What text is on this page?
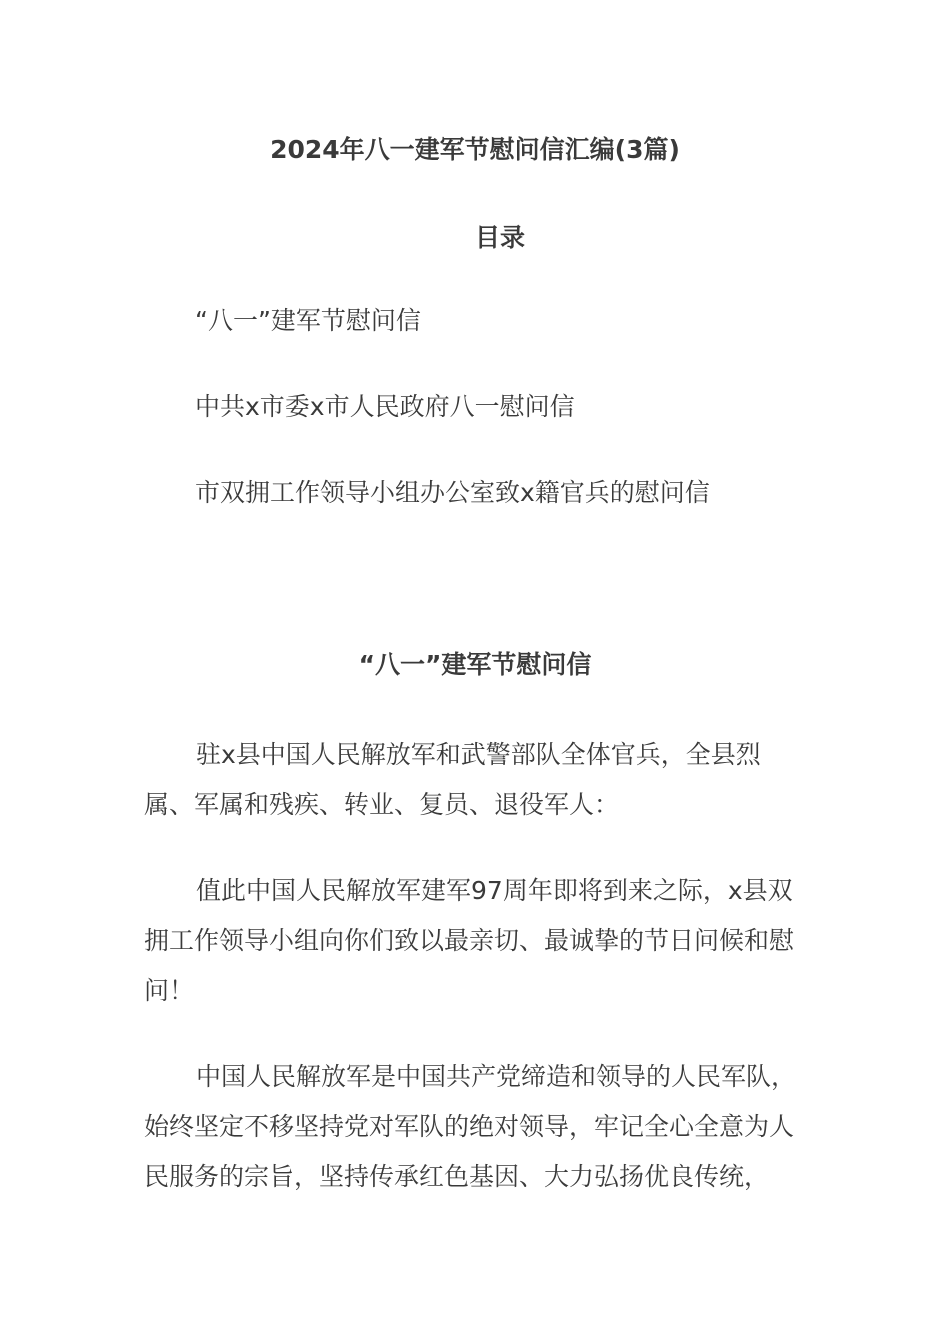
2024年八一建军节慰问信汇编(3篇)
目录
“八一”建军节慰问信
中共x市委x市人民政府八一慰问信
市双拥工作领导小组办公室致x籍官兵的慰问信
“八一”建军节慰问信

驻x县中国人民解放军和武警部队全体官兵，全县烈属、军属和残疾、转业、复员、退役军人：

值此中国人民解放军建军97周年即将到来之际，x县双拥工作领导小组向你们致以最亲切、最诚挚的节日问候和慰问！

中国人民解放军是中国共产党缔造和领导的人民军队，始终坚定不移坚持党对军队的绝对领导，牢记全心全意为人民服务的宗旨，坚持传承红色基因、大力弘扬优良传统，
